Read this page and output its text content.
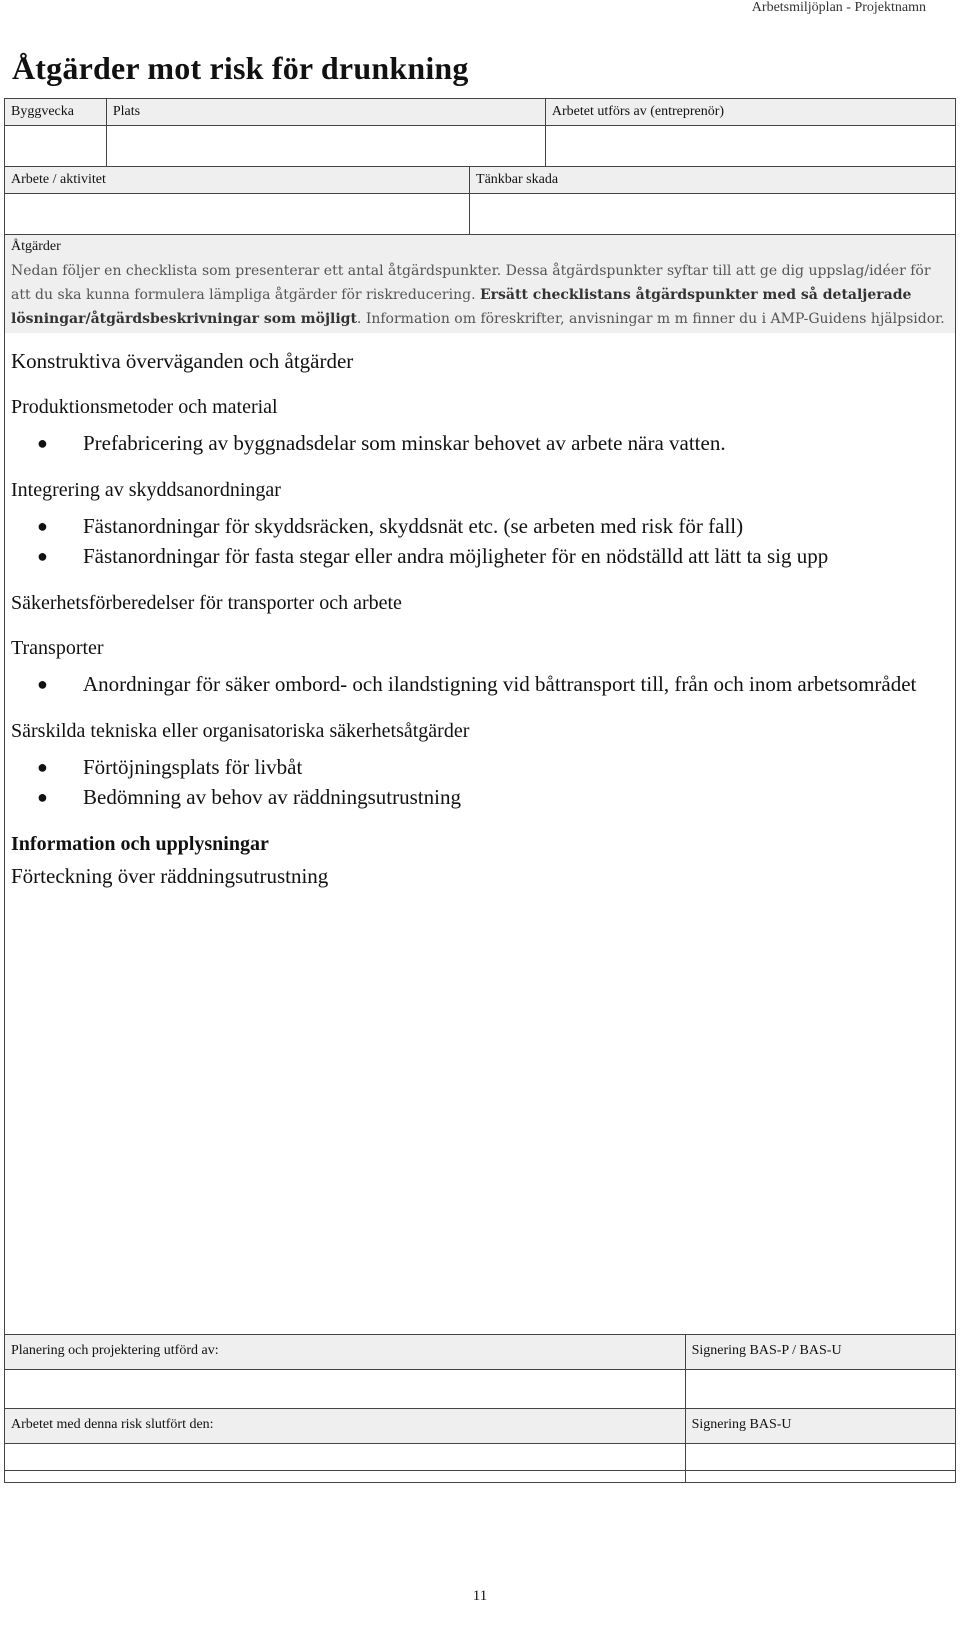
Arbetsmiljöplan - Projektnamn
Åtgärder mot risk för drunkning
Byggvecka	Plats	Arbetet utförs av (entreprenör)
Arbete / aktivitet	Tänkbar skada
Åtgärder
Nedan följer en checklista som presenterar ett antal åtgärdspunkter. Dessa åtgärdspunkter syftar till att ge dig uppslag/idéer för att du ska kunna formulera lämpliga åtgärder för riskreducering. Ersätt checklistans åtgärdspunkter med så detaljerade lösningar/åtgärdsbeskrivningar som möjligt. Information om föreskrifter, anvisningar m m finner du i AMP-Guidens hjälpsidor.
Konstruktiva överväganden och åtgärder
Produktionsmetoder och material
● Prefabricering av byggnadsdelar som minskar behovet av arbete nära vatten.
Integrering av skyddsanordningar
● Fästanordningar för skyddsräcken, skyddsnät etc. (se arbeten med risk för fall)
● Fästanordningar för fasta stegar eller andra möjligheter för en nödställd att lätt ta sig upp
Säkerhetsförberedelser för transporter och arbete
Transporter
● Anordningar för säker ombord- och ilandstigning vid båttransport till, från och inom arbetsområdet
Särskilda tekniska eller organisatoriska säkerhetsåtgärder
● Förtöjningsplats för livbåt
● Bedömning av behov av räddningsutrustning
Information och upplysningar
Förteckning över räddningsutrustning
Planering och projektering utförd av:	Signering BAS-P / BAS-U
Arbetet med denna risk slutfört den:	Signering BAS-U
11
